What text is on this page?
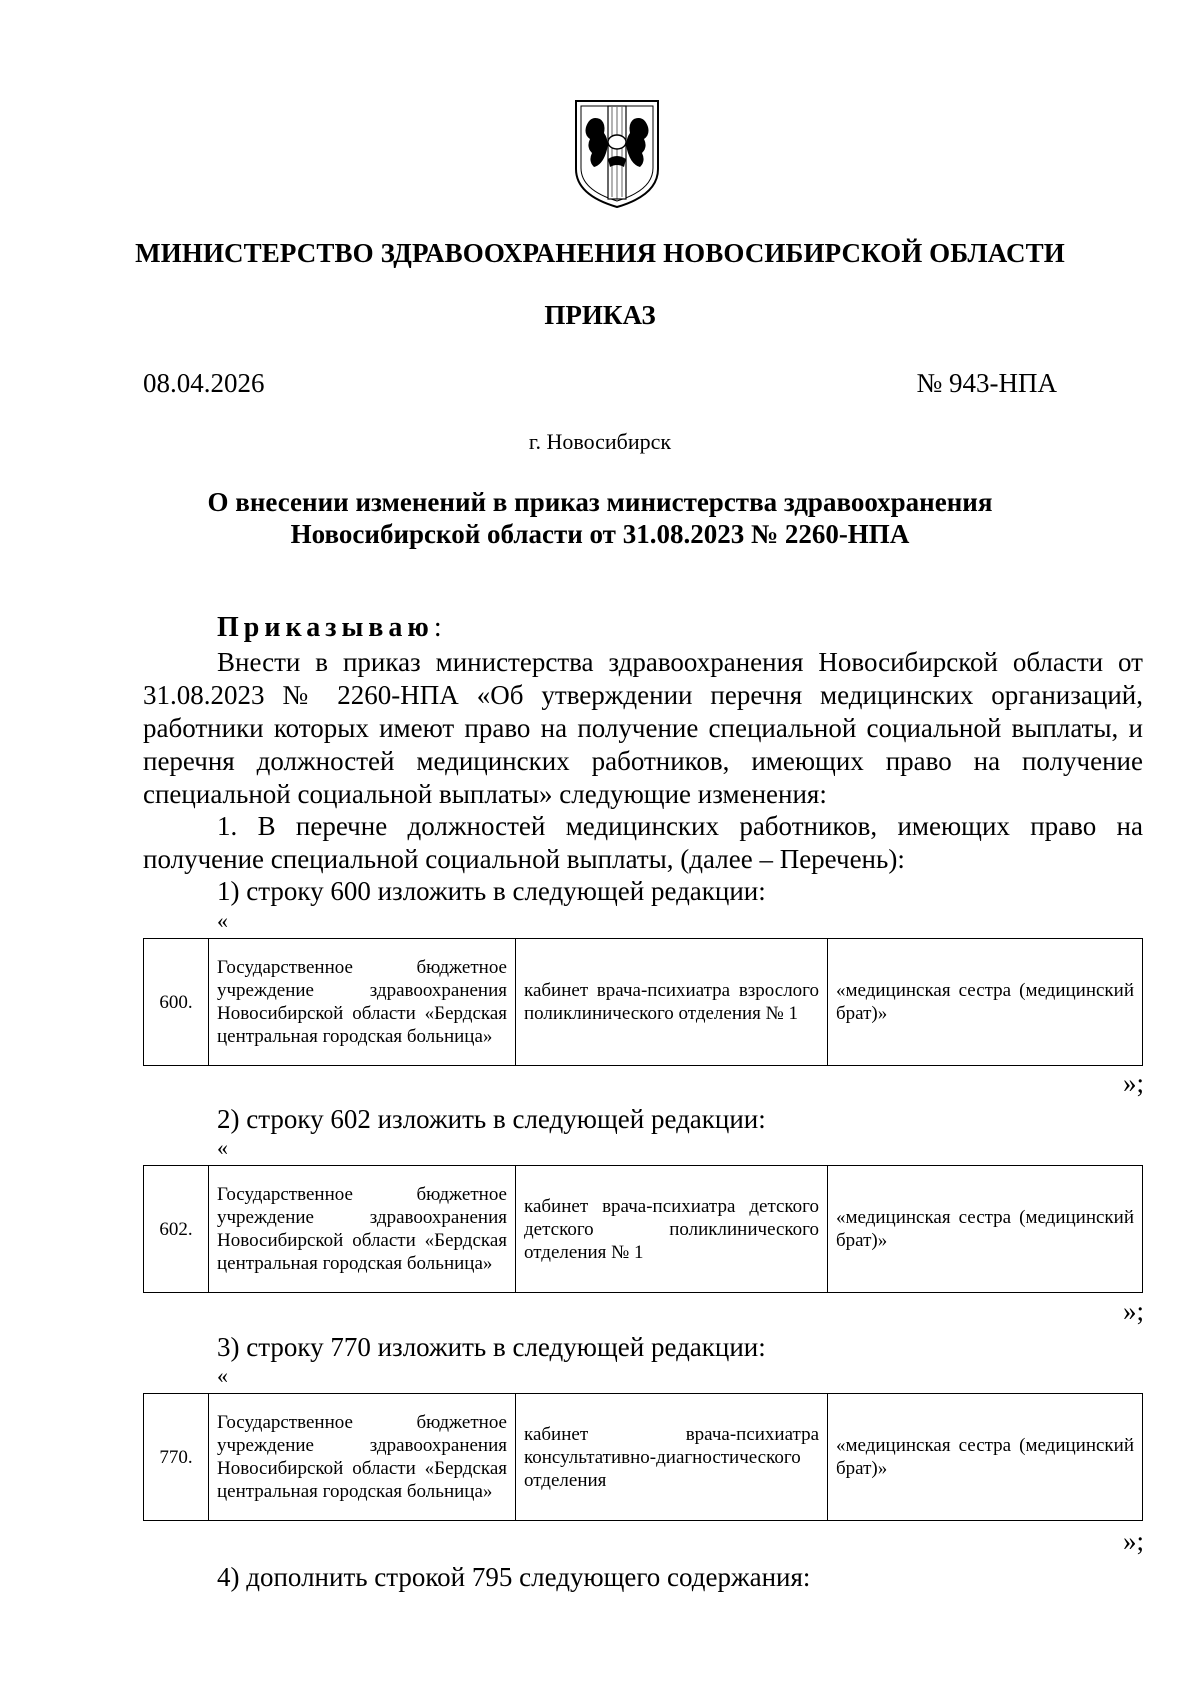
МИНИСТЕРСТВО ЗДРАВООХРАНЕНИЯ НОВОСИБИРСКОЙ ОБЛАСТИ
ПРИКАЗ
08.04.2026	№ 943-НПА
г. Новосибирск
О внесении изменений в приказ министерства здравоохранения
Новосибирской области от 31.08.2023 № 2260-НПА
Приказываю:
Внести в приказ министерства здравоохранения Новосибирской области от 31.08.2023 № 2260-НПА «Об утверждении перечня медицинских организаций, работники которых имеют право на получение специальной социальной выплаты, и перечня должностей медицинских работников, имеющих право на получение специальной социальной выплаты» следующие изменения:
1. В перечне должностей медицинских работников, имеющих право на получение специальной социальной выплаты, (далее – Перечень):
1) строку 600 изложить в следующей редакции:
«
600.	Государственное бюджетное учреждение здравоохранения Новосибирской области «Бердская центральная городская больница»	кабинет врача-психиатра взрослого поликлинического отделения № 1	«медицинская сестра (медицинский брат)»
»;
2) строку 602 изложить в следующей редакции:
«
602.	Государственное бюджетное учреждение здравоохранения Новосибирской области «Бердская центральная городская больница»	кабинет врача-психиатра детского детского поликлинического отделения № 1	«медицинская сестра (медицинский брат)»
»;
3) строку 770 изложить в следующей редакции:
«
770.	Государственное бюджетное учреждение здравоохранения Новосибирской области «Бердская центральная городская больница»	кабинет врача-психиатра консультативно-диагностического отделения	«медицинская сестра (медицинский брат)»
»;
4) дополнить строкой 795 следующего содержания:
